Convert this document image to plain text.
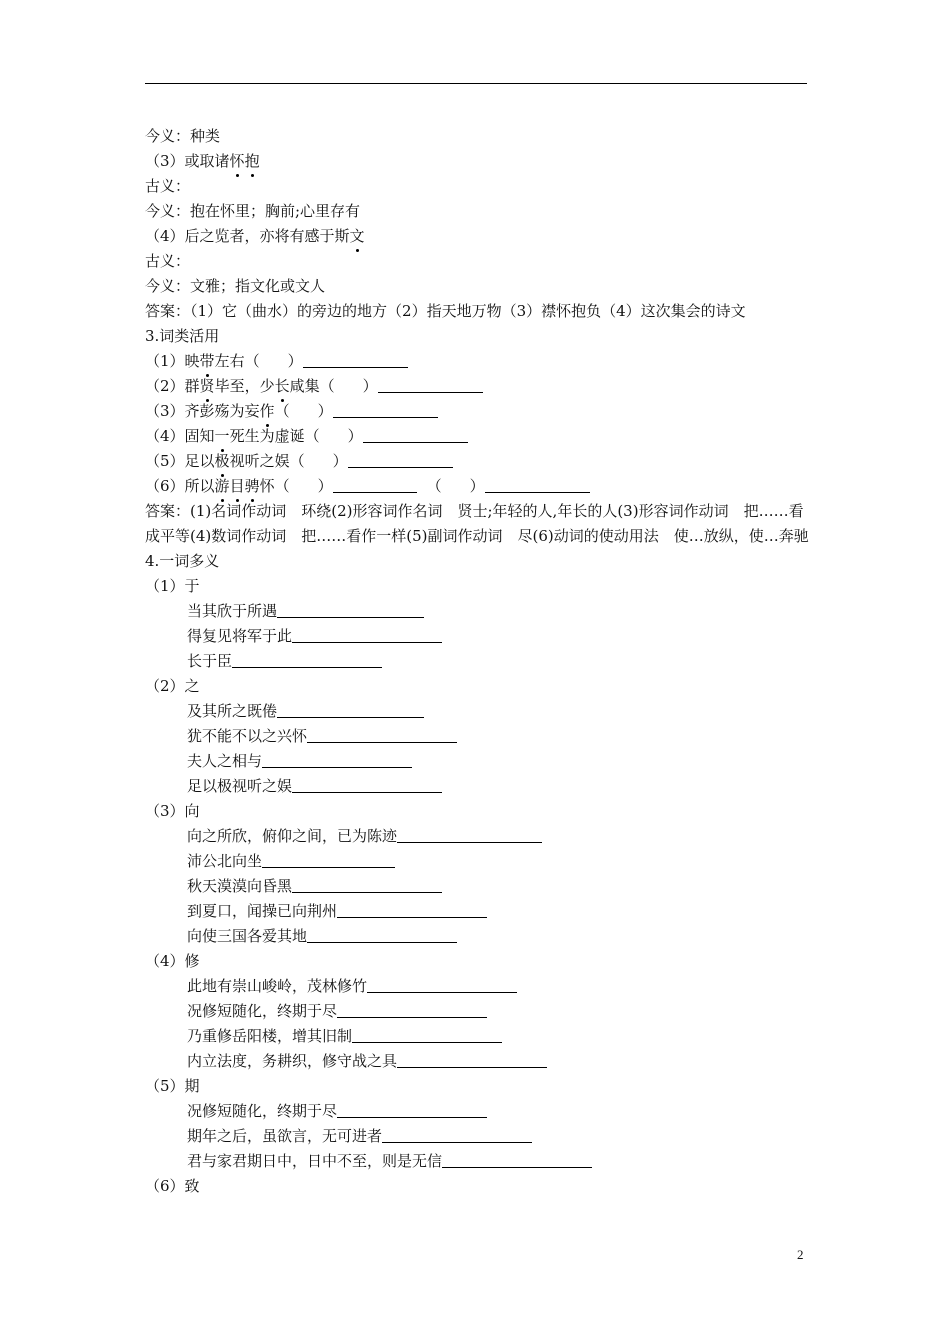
今义：种类
（3）或取诸怀抱
古义：
今义：抱在怀里；胸前;心里存有
（4）后之览者，亦将有感于斯文
古义：
今义：文雅；指文化或文人
答案：（1）它（曲水）的旁边的地方（2）指天地万物（3）襟怀抱负（4）这次集会的诗文
3.词类活用
（1）映带左右（ ）
（2）群贤毕至，少长咸集（ ）
（3）齐彭殇为妄作（ ）
（4）固知一死生为虚诞（ ）
（5）足以极视听之娱（ ）
（6）所以游目骋怀（ ）	（ ）
答案：(1)名词作动词　环绕(2)形容词作名词　贤士;年轻的人,年长的人(3)形容词作动词　把……看成平等(4)数词作动词　把……看作一样(5)副词作动词　尽(6)动词的使动用法　使…放纵，使…奔驰
4.一词多义
（1）于
当其欣于所遇
得复见将军于此
长于臣
（2）之
及其所之既倦
犹不能不以之兴怀
夫人之相与
足以极视听之娱
（3）向
向之所欣，俯仰之间，已为陈迹
沛公北向坐
秋天漠漠向昏黑
到夏口，闻操已向荆州
向使三国各爱其地
（4）修
此地有崇山峻岭，茂林修竹
况修短随化，终期于尽
乃重修岳阳楼，增其旧制
内立法度，务耕织，修守战之具
（5）期
况修短随化，终期于尽
期年之后，虽欲言，无可进者
君与家君期日中，日中不至，则是无信
（6）致
2
